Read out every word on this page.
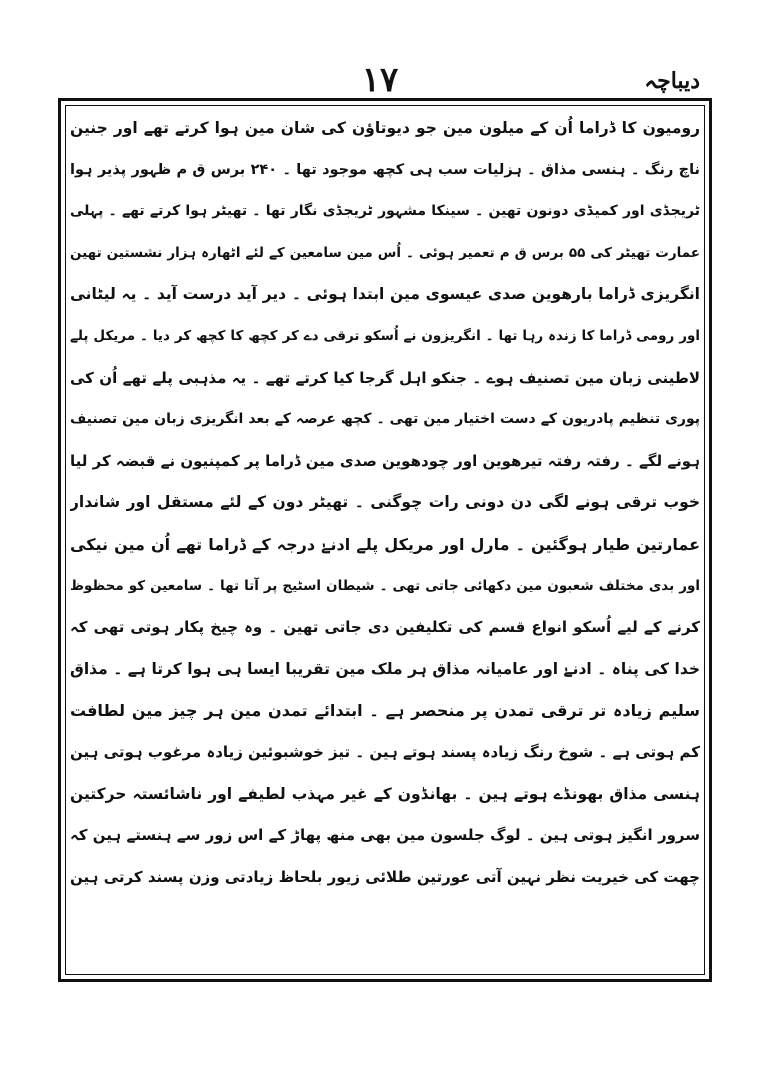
دیباچہ
۱۷
رومیون کا ڈراما اُن کے میلون مین جو دیوتاؤن کی شان مین ہوا کرتے تھے اور جنین
ناچ رنگ ۔ ہنسی مذاق ۔ ہزلیات سب ہی کچھ موجود تھا ۔ ۲۴۰ برس ق م ظہور پذیر ہوا
ٹریجڈی اور کمیڈی دونون تھین ۔ سینکا مشہور ٹریجڈی نگار تھا ۔ تھیٹر ہوا کرتے تھے ۔ پہلی
عمارت تھیٹر کی ۵۵ برس ق م تعمیر ہوئی ۔ اُس مین سامعین کے لئے اٹھارہ ہزار نشستین تھین
انگریزی ڈراما بارھوین صدی عیسوی مین ابتدا ہوئی ۔ دیر آید درست آید ۔ یہ لیٹانی
اور رومی ڈراما کا زندہ رہا تھا ۔ انگریزون نے اُسکو ترقی دے کر کچھ کا کچھ کر دیا ۔ مریکل پلے
لاطینی زبان مین تصنیف ہوے ۔ جنکو اہل گرجا کیا کرتے تھے ۔ یہ مذہبی پلے تھے اُن کی
پوری تنظیم پادریون کے دست اختیار مین تھی ۔ کچھ عرصہ کے بعد انگریزی زبان مین تصنیف
ہونے لگے ۔ رفتہ رفتہ تیرھوین اور چودھوین صدی مین ڈراما پر کمپنیون نے قبضہ کر لیا
خوب ترقی ہونے لگی دن دونی رات چوگنی ۔ تھیٹر دون کے لئے مستقل اور شاندار
عمارتین طیار ہوگئین ۔ مارل اور مریکل پلے ادنےٰ درجہ کے ڈراما تھے اُن مین نیکی
اور بدی مختلف شعبون مین دکھائی جاتی تھی ۔ شیطان اسٹیج پر آتا تھا ۔ سامعین کو محظوظ
کرنے کے لیے اُسکو انواع قسم کی تکلیفین دی جاتی تھین ۔ وہ چیخ پکار ہوتی تھی کہ
خدا کی پناہ ۔ ادنےٰ اور عامیانہ مذاق ہر ملک مین تقریبا ایسا ہی ہوا کرتا ہے ۔ مذاق
سلیم زیادہ تر ترقی تمدن پر منحصر ہے ۔ ابتدائے تمدن مین ہر چیز مین لطافت
کم ہوتی ہے ۔ شوخ رنگ زیادہ پسند ہوتے ہین ۔ تیز خوشبوئین زیادہ مرغوب ہوتی ہین
ہنسی مذاق بھونڈے ہوتے ہین ۔ بھانڈون کے غیر مہذب لطیفے اور ناشائستہ حرکتین
سرور انگیز ہوتی ہین ۔ لوگ جلسون مین بھی منھ پھاڑ کے اس زور سے ہنستے ہین کہ
چھت کی خیریت نظر نہین آتی عورتین طلائی زیور بلحاظ زیادتی وزن پسند کرتی ہین
